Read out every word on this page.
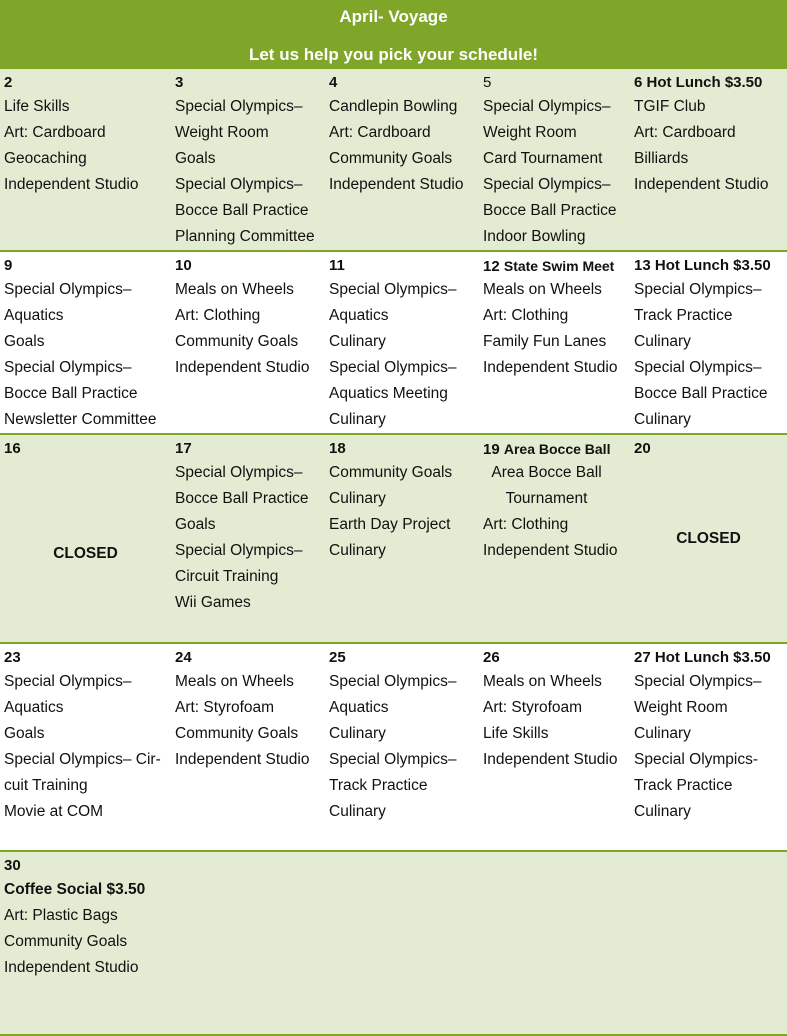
April- Voyage
Let us help you pick your schedule!
2
Life Skills
Art: Cardboard
Geocaching
Independent Studio
3
Special Olympics–
Weight Room
Goals
Special Olympics–
Bocce Ball Practice
Planning Committee
4
Candlepin Bowling
Art: Cardboard
Community Goals
Independent Studio
5
Special Olympics–
Weight Room
Card Tournament
Special Olympics–
Bocce Ball Practice
Indoor Bowling
6 Hot Lunch $3.50
TGIF Club
Art: Cardboard
Billiards
Independent Studio
9
Special Olympics–
Aquatics
Goals
Special Olympics–
Bocce Ball Practice
Newsletter Committee
10
Meals on Wheels
Art: Clothing
Community Goals
Independent Studio
11
Special Olympics–
Aquatics
Culinary
Special Olympics–
Aquatics Meeting
Culinary
12 State Swim Meet
Meals on Wheels
Art: Clothing
Family Fun Lanes
Independent Studio
13 Hot Lunch $3.50
Special Olympics–
Track Practice
Culinary
Special Olympics–
Bocce Ball Practice
Culinary
16
CLOSED
17
Special Olympics–
Bocce Ball Practice
Goals
Special Olympics–
Circuit Training
Wii Games
18
Community Goals
Culinary
Earth Day Project
Culinary
19 Area Bocce Ball
Area Bocce Ball
Tournament
Art: Clothing
Independent Studio
20
CLOSED
23
Special Olympics–
Aquatics
Goals
Special Olympics– Cir-
cuit Training
Movie at COM
24
Meals on Wheels
Art: Styrofoam
Community Goals
Independent Studio
25
Special Olympics–
Aquatics
Culinary
Special Olympics–
Track Practice
Culinary
26
Meals on Wheels
Art: Styrofoam
Life Skills
Independent Studio
27 Hot Lunch $3.50
Special Olympics–
Weight Room
Culinary
Special Olympics-
Track Practice
Culinary
30
Coffee Social $3.50
Art: Plastic Bags
Community Goals
Independent Studio
